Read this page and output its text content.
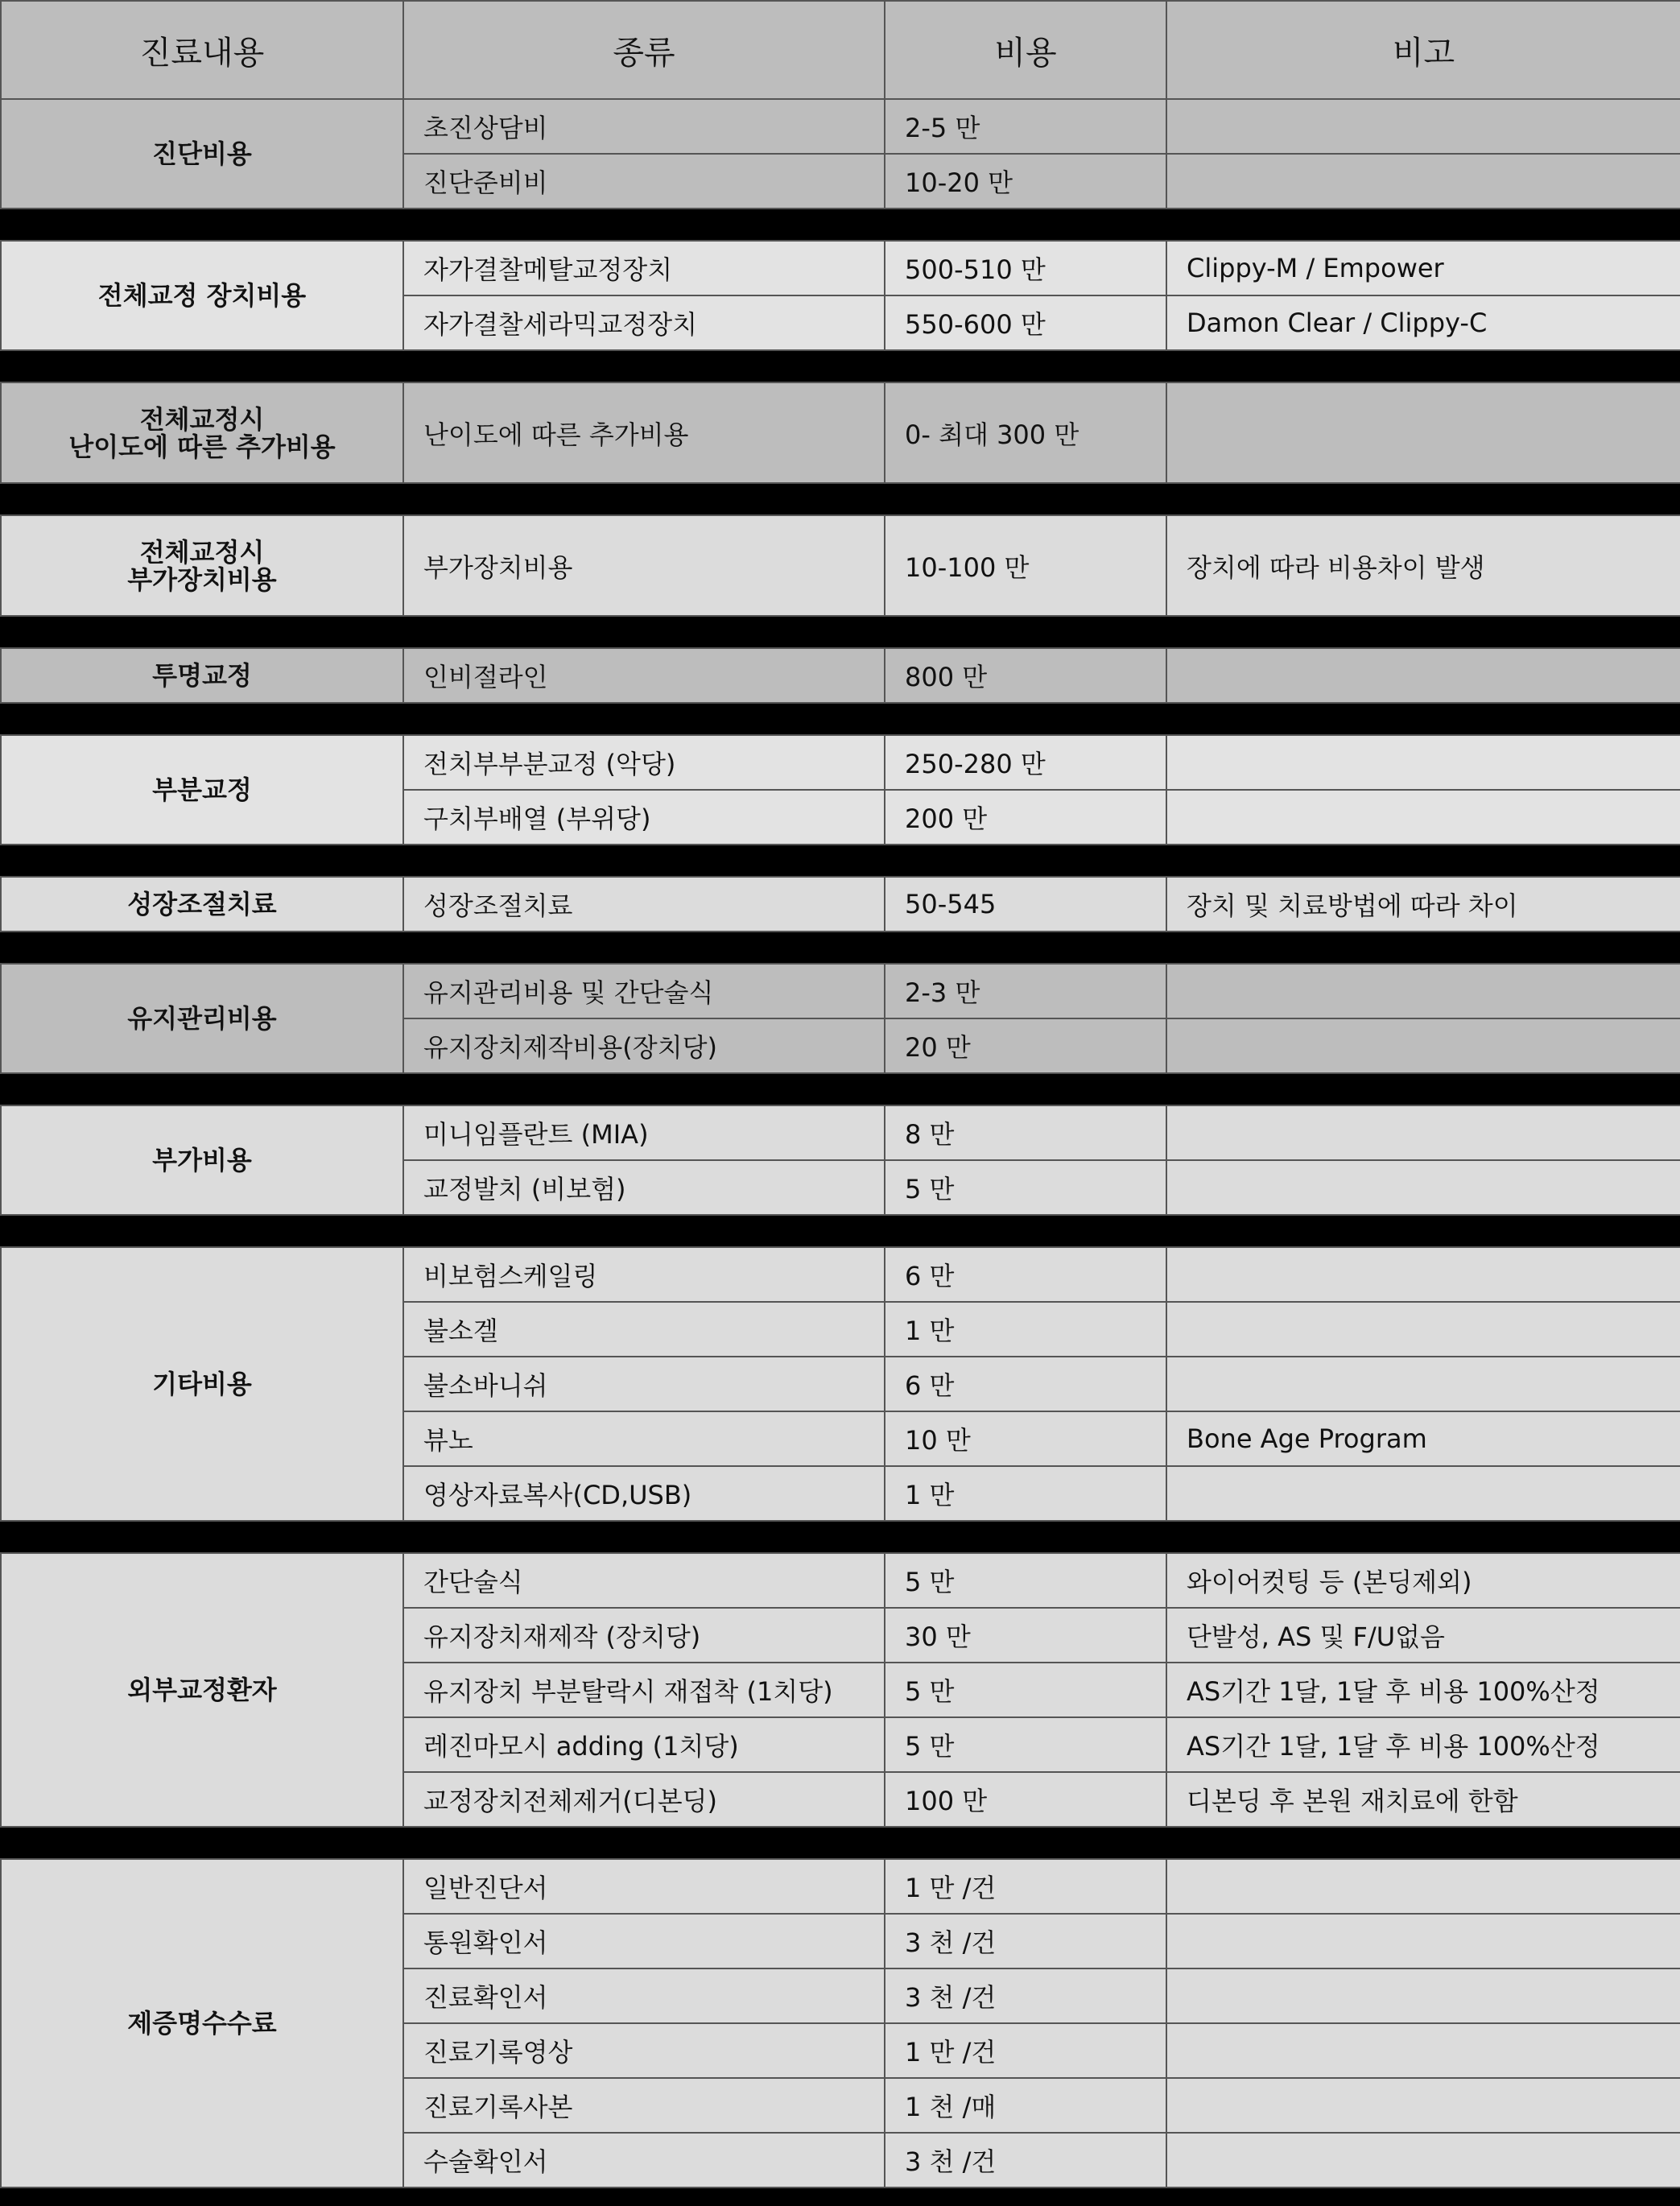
진료내용	종류	비용	비고

진단비용	초진상담비	2-5 만	
	진단준비비	10-20 만	

전체교정 장치비용	자가결찰메탈교정장치	500-510 만	Clippy-M / Empower
	자가결찰세라믹교정장치	550-600 만	Damon Clear / Clippy-C

전체교정시
난이도에 따른 추가비용	난이도에 따른 추가비용	0- 최대 300 만	

전체교정시
부가장치비용	부가장치비용	10-100 만	장치에 따라 비용차이 발생

투명교정	인비절라인	800 만	

부분교정	전치부부분교정 (악당)	250-280 만	
	구치부배열 (부위당)	200 만	

성장조절치료	성장조절치료	50-545	장치 및 치료방법에 따라 차이

유지관리비용	유지관리비용 및 간단술식	2-3 만	
	유지장치제작비용(장치당)	20 만	

부가비용	미니임플란트 (MIA)	8 만	
	교정발치 (비보험)	5 만	

기타비용	비보험스케일링	6 만	
	불소겔	1 만	
	불소바니쉬	6 만	
	뷰노	10 만	Bone Age Program
	영상자료복사(CD,USB)	1 만	

외부교정환자	간단술식	5 만	와이어컷팅 등 (본딩제외)
	유지장치재제작 (장치당)	30 만	단발성, AS 및 F/U없음
	유지장치 부분탈락시 재접착 (1치당)	5 만	AS기간 1달, 1달 후 비용 100%산정
	레진마모시 adding (1치당)	5 만	AS기간 1달, 1달 후 비용 100%산정
	교정장치전체제거(디본딩)	100 만	디본딩 후 본원 재치료에 한함

제증명수수료	일반진단서	1 만 /건	
	통원확인서	3 천 /건	
	진료확인서	3 천 /건	
	진료기록영상	1 만 /건	
	진료기록사본	1 천 /매	
	수술확인서	3 천 /건	
